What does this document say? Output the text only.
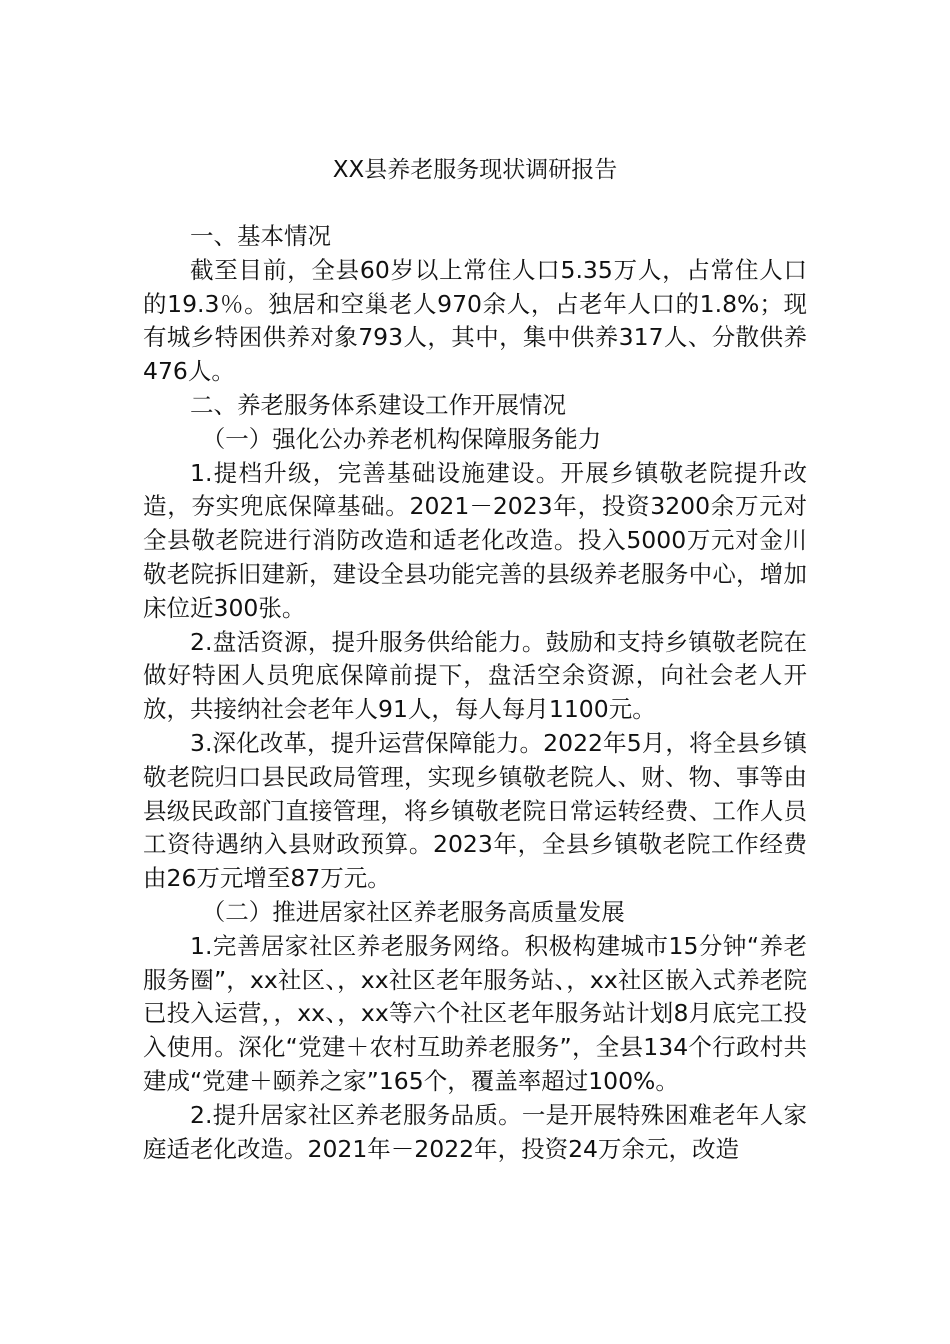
XX县养老服务现状调研报告

一、基本情况

截至目前，全县60岁以上常住人口5.35万人，占常住人口的19.3％。独居和空巢老人970余人，占老年人口的1.8%；现有城乡特困供养对象793人，其中，集中供养317人、分散供养476人。

二、养老服务体系建设工作开展情况

（一）强化公办养老机构保障服务能力

1.提档升级，完善基础设施建设。开展乡镇敬老院提升改造，夯实兜底保障基础。2021－2023年，投资3200余万元对全县敬老院进行消防改造和适老化改造。投入5000万元对金川敬老院拆旧建新，建设全县功能完善的县级养老服务中心，增加床位近300张。

2.盘活资源，提升服务供给能力。鼓励和支持乡镇敬老院在做好特困人员兜底保障前提下，盘活空余资源，向社会老人开放，共接纳社会老年人91人，每人每月1100元。

3.深化改革，提升运营保障能力。2022年5月，将全县乡镇敬老院归口县民政局管理，实现乡镇敬老院人、财、物、事等由县级民政部门直接管理，将乡镇敬老院日常运转经费、工作人员工资待遇纳入县财政预算。2023年，全县乡镇敬老院工作经费由26万元增至87万元。

（二）推进居家社区养老服务高质量发展

1.完善居家社区养老服务网络。积极构建城市15分钟“养老服务圈”，xx社区、，xx社区老年服务站、，xx社区嵌入式养老院已投入运营，，xx、，xx等六个社区老年服务站计划8月底完工投入使用。深化“党建＋农村互助养老服务”，全县134个行政村共建成“党建＋颐养之家”165个，覆盖率超过100%。

2.提升居家社区养老服务品质。一是开展特殊困难老年人家庭适老化改造。2021年－2022年，投资24万余元，改造
